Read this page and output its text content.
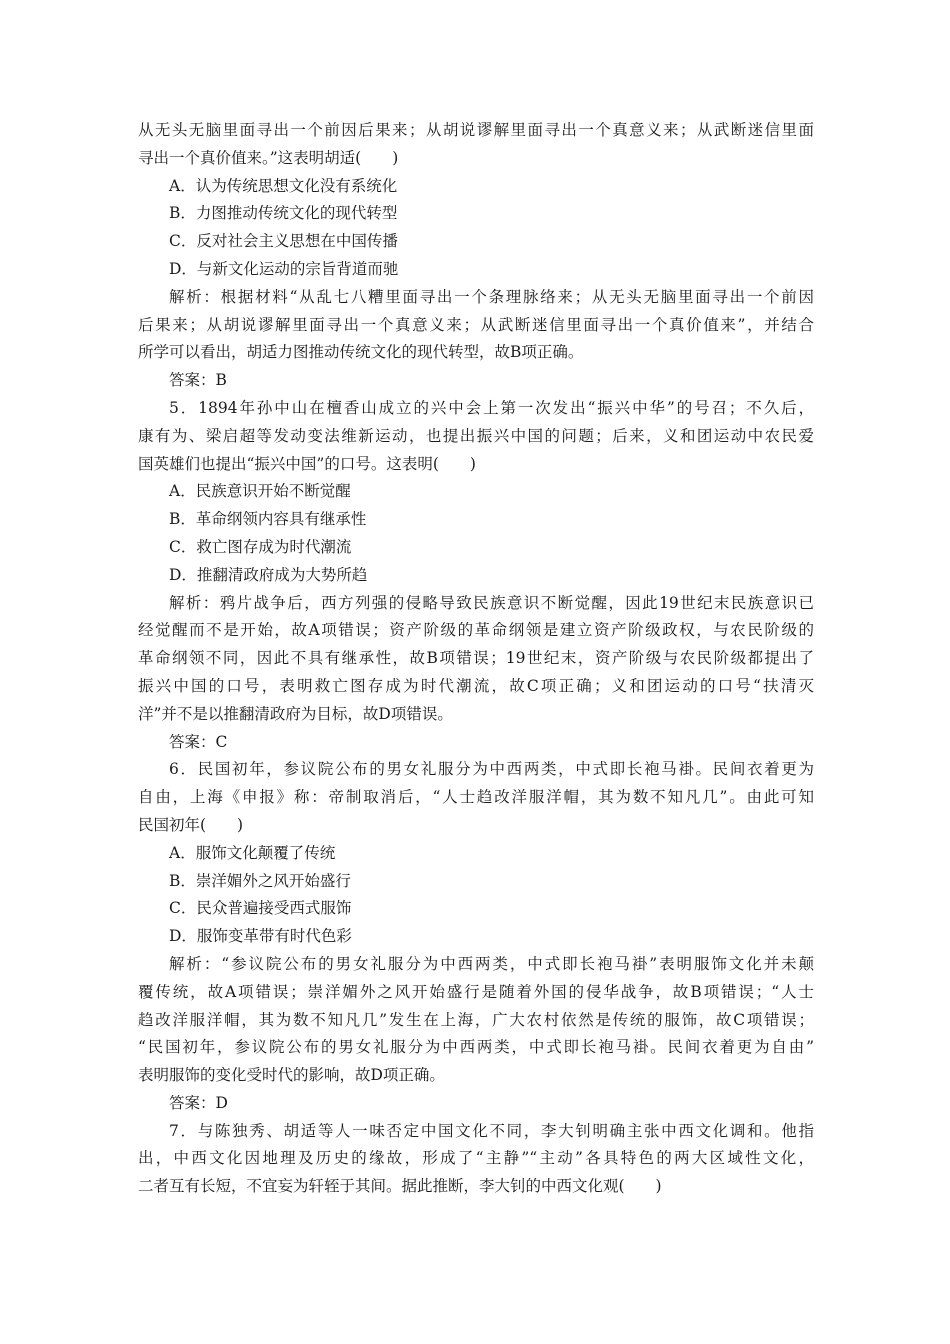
从无头无脑里面寻出一个前因后果来；从胡说谬解里面寻出一个真意义来；从武断迷信里面
寻出一个真价值来。”这表明胡适(　　)
A．认为传统思想文化没有系统化
B．力图推动传统文化的现代转型
C．反对社会主义思想在中国传播
D．与新文化运动的宗旨背道而驰
解析：根据材料“从乱七八糟里面寻出一个条理脉络来；从无头无脑里面寻出一个前因
后果来；从胡说谬解里面寻出一个真意义来；从武断迷信里面寻出一个真价值来”，并结合
所学可以看出，胡适力图推动传统文化的现代转型，故B项正确。
答案：B
5．1894年孙中山在檀香山成立的兴中会上第一次发出“振兴中华”的号召；不久后，
康有为、梁启超等发动变法维新运动，也提出振兴中国的问题；后来，义和团运动中农民爱
国英雄们也提出“振兴中国”的口号。这表明(　　)
A．民族意识开始不断觉醒
B．革命纲领内容具有继承性
C．救亡图存成为时代潮流
D．推翻清政府成为大势所趋
解析：鸦片战争后，西方列强的侵略导致民族意识不断觉醒，因此19世纪末民族意识已
经觉醒而不是开始，故A项错误；资产阶级的革命纲领是建立资产阶级政权，与农民阶级的
革命纲领不同，因此不具有继承性，故B项错误；19世纪末，资产阶级与农民阶级都提出了
振兴中国的口号，表明救亡图存成为时代潮流，故C项正确；义和团运动的口号“扶清灭
洋”并不是以推翻清政府为目标，故D项错误。
答案：C
6．民国初年，参议院公布的男女礼服分为中西两类，中式即长袍马褂。民间衣着更为
自由，上海《申报》称：帝制取消后，“人士趋改洋服洋帽，其为数不知凡几”。由此可知
民国初年(　　)
A．服饰文化颠覆了传统
B．崇洋媚外之风开始盛行
C．民众普遍接受西式服饰
D．服饰变革带有时代色彩
解析：“参议院公布的男女礼服分为中西两类，中式即长袍马褂”表明服饰文化并未颠
覆传统，故A项错误；崇洋媚外之风开始盛行是随着外国的侵华战争，故B项错误；“人士
趋改洋服洋帽，其为数不知凡几”发生在上海，广大农村依然是传统的服饰，故C项错误；
“民国初年，参议院公布的男女礼服分为中西两类，中式即长袍马褂。民间衣着更为自由”
表明服饰的变化受时代的影响，故D项正确。
答案：D
7．与陈独秀、胡适等人一味否定中国文化不同，李大钊明确主张中西文化调和。他指
出，中西文化因地理及历史的缘故，形成了“主静”“主动”各具特色的两大区域性文化，
二者互有长短，不宜妄为轩轾于其间。据此推断，李大钊的中西文化观(　　)
